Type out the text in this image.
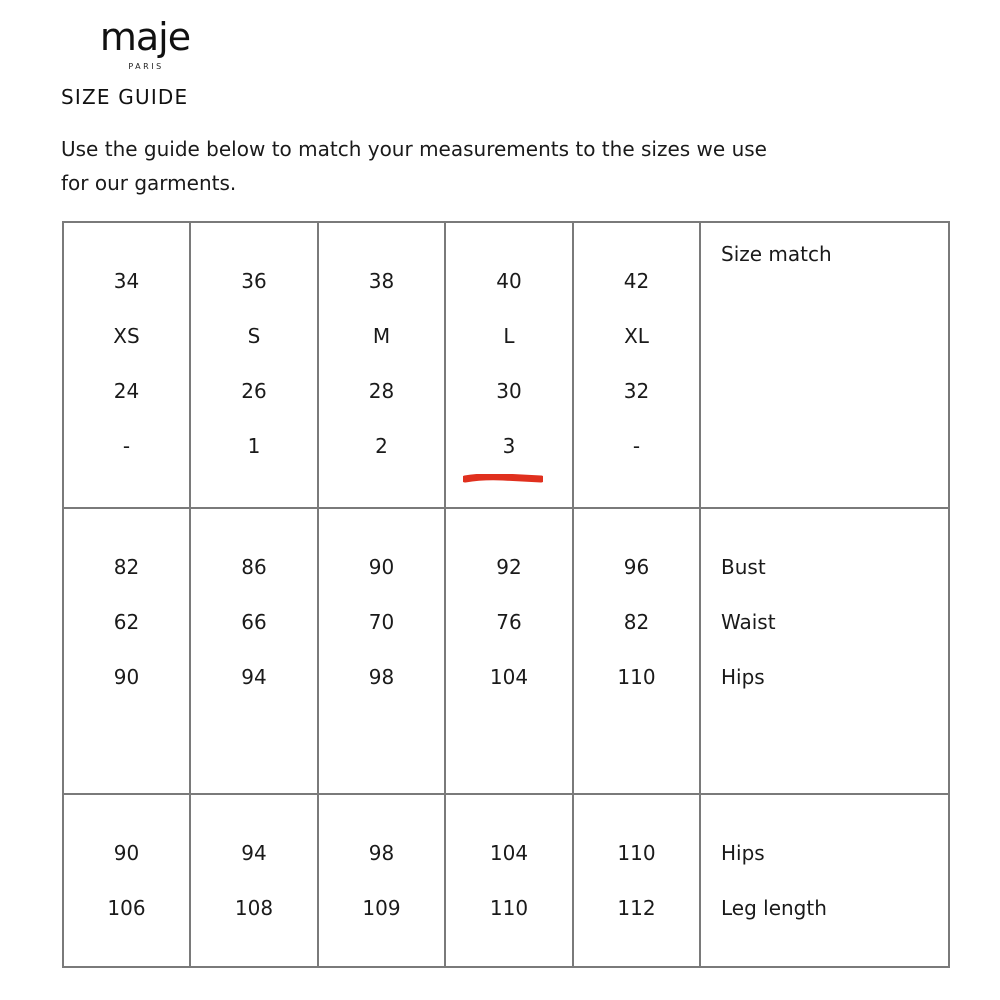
maje
PARIS
SIZE GUIDE
Use the guide below to match your measurements to the sizes we use
for our garments.
34
XS
24
-
36
S
26
1
38
M
28
2
40
L
30
3
42
XL
32
-
Size match
82
62
90
86
66
94
90
70
98
92
76
104
96
82
110
Bust
Waist
Hips
90
106
94
108
98
109
104
110
110
112
Hips
Leg length
